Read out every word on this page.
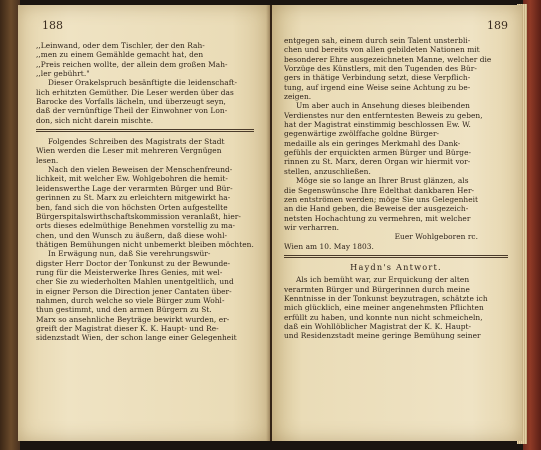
188
,,Leinwand, oder dem Tischler, der den Rah-
,,men zu einem Gemählde gemacht hat, den
,,Preis reichen wollte, der allein dem großen Mah-
,,ler gebührt."
Dieser Orakelspruch besänftigte die leidenschaft-
lich erhitzten Gemüther. Die Leser werden über das
Barocke des Vorfalls lächeln, und überzeugt seyn,
daß der vernünftige Theil der Einwohner von Lon-
don, sich nicht darein mischte.
Folgendes Schreiben des Magistrats der Stadt
Wien werden die Leser mit mehreren Vergnügen
lesen.
Nach den vielen Beweisen der Menschenfreund-
lichkeit, mit welcher Ew. Wohlgebohren die hemit-
leidenswerthe Lage der verarmten Bürger und Bür-
gerinnen zu St. Marx zu erleichtern mitgewirkt ha-
ben, fand sich die von höchsten Orten aufgestellte
Bürgerspitalswirthschaftskommission veranlaßt, hier-
orts dieses edelmüthige Benehmen vorstellig zu ma-
chen, und den Wunsch zu äußern, daß diese wohl-
thätigen Bemühungen nicht unbemerkt bleiben möchten.
In Erwägung nun, daß Sie verehrungswür-
digster Herr Doctor der Tonkunst zu der Bewunde-
rung für die Meisterwerke Ihres Genies, mit wel-
cher Sie zu wiederholten Mahlen unentgeltlich, und
in eigner Person die Direction jener Cantaten über-
nahmen, durch welche so viele Bürger zum Wohl-
thun gestimmt, und den armen Bürgern zu St.
Marx so ansehnliche Beyträge bewirkt wurden, er-
greift der Magistrat dieser K. K. Haupt- und Re-
sidenzstadt Wien, der schon lange einer Gelegenheit
189
entgegen sah, einem durch sein Talent unsterbli-
chen und bereits von allen gebildeten Nationen mit
besonderer Ehre ausgezeichneten Manne, welcher die
Vorzüge des Künstlers, mit den Tugenden des Bür-
gers in thätige Verbindung setzt, diese Verpflich-
tung, auf irgend eine Weise seine Achtung zu be-
zeigen.
Um aber auch in Ansehung dieses bleibenden
Verdienstes nur den entferntesten Beweis zu geben,
hat der Magistrat einstimmig beschlossen Ew. W.
gegenwärtige zwölffache goldne Bürger-
medaille als ein geringes Merkmahl des Dank-
gefühls der erquickten armen Bürger und Bürge-
rinnen zu St. Marx, deren Organ wir hiermit vor-
stellen, anzuschließen.
Möge sie so lange an Ihrer Brust glänzen, als
die Segenswünsche Ihre Edelthat dankbaren Her-
zen entströmen werden; möge Sie uns Gelegenheit
an die Hand geben, die Beweise der ausgezeich-
netsten Hochachtung zu vermehren, mit welcher
wir verharren.
Euer Wohlgeboren rc.
Wien am 10. May 1803.
Haydn's Antwort.
Als ich bemüht war, zur Erquickung der alten
verarmten Bürger und Bürgerinnen durch meine
Kenntnisse in der Tonkunst beyzutragen, schätzte ich
mich glücklich, eine meiner angenehmsten Pflichten
erfüllt zu haben, und konnte nun nicht schmeicheln,
daß ein Wohllöblicher Magistrat der K. K. Haupt-
und Residenzstadt meine geringe Bemühung seiner
